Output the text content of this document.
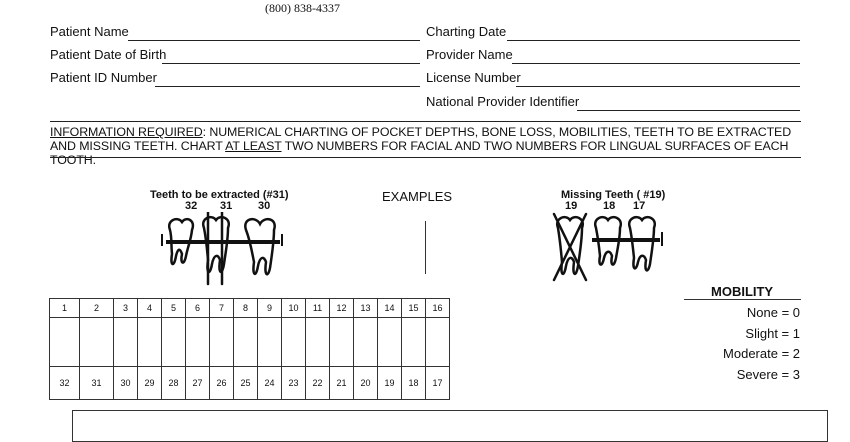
(800) 838-4337
Patient Name
Patient Date of Birth
Patient ID Number
Charting Date
Provider Name
License Number
National Provider Identifier
INFORMATION REQUIRED: NUMERICAL CHARTING OF POCKET DEPTHS, BONE LOSS, MOBILITIES, TEETH TO BE EXTRACTED AND MISSING TEETH. CHART AT LEAST TWO NUMBERS FOR FACIAL AND TWO NUMBERS FOR LINGUAL SURFACES OF EACH TOOTH.
Teeth to be extracted (#31)
32 31 30
EXAMPLES	Missing Teeth ( #19)
19 18 17
1	2	3	4	5	6	7	8	9	10	11	12	13	14	15	16

32	31	30	29	28	27	26	25	24	23	22	21	20	19	18	17
MOBILITY
None = 0
Slight = 1
Moderate = 2
Severe = 3
